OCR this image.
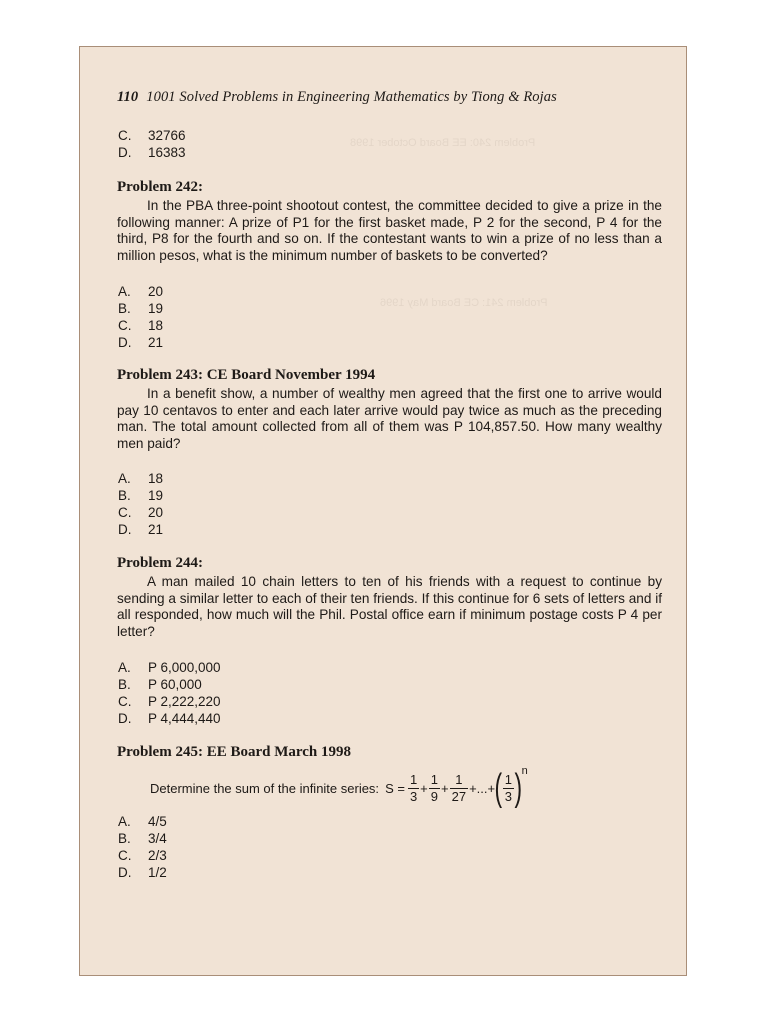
Problem 240: EE Board October 1998
Problem 241: CE Board May 1996
110 1001 Solved Problems in Engineering Mathematics by Tiong & Rojas
C. 32766
D. 16383
Problem 242:
In the PBA three-point shootout contest, the committee decided to give a prize in the following manner: A prize of P1 for the first basket made, P 2 for the second, P 4 for the third, P8 for the fourth and so on. If the contestant wants to win a prize of no less than a million pesos, what is the minimum number of baskets to be converted?
A. 20
B. 19
C. 18
D. 21
Problem 243: CE Board November 1994
In a benefit show, a number of wealthy men agreed that the first one to arrive would pay 10 centavos to enter and each later arrive would pay twice as much as the preceding man. The total amount collected from all of them was P 104,857.50. How many wealthy men paid?
A. 18
B. 19
C. 20
D. 21
Problem 244:
A man mailed 10 chain letters to ten of his friends with a request to continue by sending a similar letter to each of their ten friends. If this continue for 6 sets of letters and if all responded, how much will the Phil. Postal office earn if minimum postage costs P 4 per letter?
A. P 6,000,000
B. P 60,000
C. P 2,222,220
D. P 4,444,440
Problem 245: EE Board March 1998
Determine the sum of the infinite series: $S = \frac{1}{3} + \frac{1}{9} + \frac{1}{27}$ +...+ ( $\frac{1}{3}$ ) n
A. 4/5
B. 3/4
C. 2/3
D. 1/2
